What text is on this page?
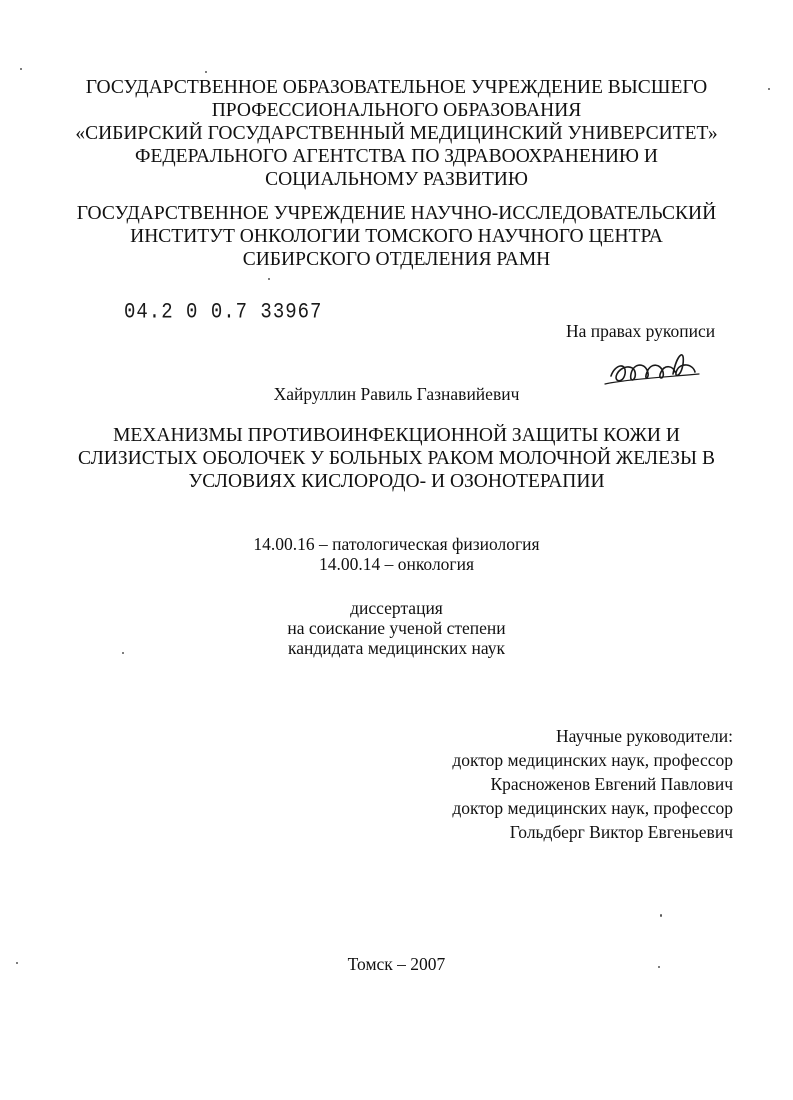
ГОСУДАРСТВЕННОЕ ОБРАЗОВАТЕЛЬНОЕ УЧРЕЖДЕНИЕ ВЫСШЕГО
ПРОФЕССИОНАЛЬНОГО ОБРАЗОВАНИЯ
«СИБИРСКИЙ ГОСУДАРСТВЕННЫЙ МЕДИЦИНСКИЙ УНИВЕРСИТЕТ»
ФЕДЕРАЛЬНОГО АГЕНТСТВА ПО ЗДРАВООХРАНЕНИЮ И
СОЦИАЛЬНОМУ РАЗВИТИЮ
ГОСУДАРСТВЕННОЕ УЧРЕЖДЕНИЕ НАУЧНО-ИССЛЕДОВАТЕЛЬСКИЙ
ИНСТИТУТ ОНКОЛОГИИ ТОМСКОГО НАУЧНОГО ЦЕНТРА
СИБИРСКОГО ОТДЕЛЕНИЯ РАМН
04.2 0 0.7 33967
На правах рукописи
Хайруллин Равиль Газнавийевич
МЕХАНИЗМЫ ПРОТИВОИНФЕКЦИОННОЙ ЗАЩИТЫ КОЖИ И
СЛИЗИСТЫХ ОБОЛОЧЕК У БОЛЬНЫХ РАКОМ МОЛОЧНОЙ ЖЕЛЕЗЫ В
УСЛОВИЯХ КИСЛОРОДО- И ОЗОНОТЕРАПИИ
14.00.16 – патологическая физиология
14.00.14 – онкология
диссертация
на соискание ученой степени
кандидата медицинских наук
Научные руководители:
доктор медицинских наук, профессор
Красноженов Евгений Павлович
доктор медицинских наук, профессор
Гольдберг Виктор Евгеньевич
Томск – 2007
